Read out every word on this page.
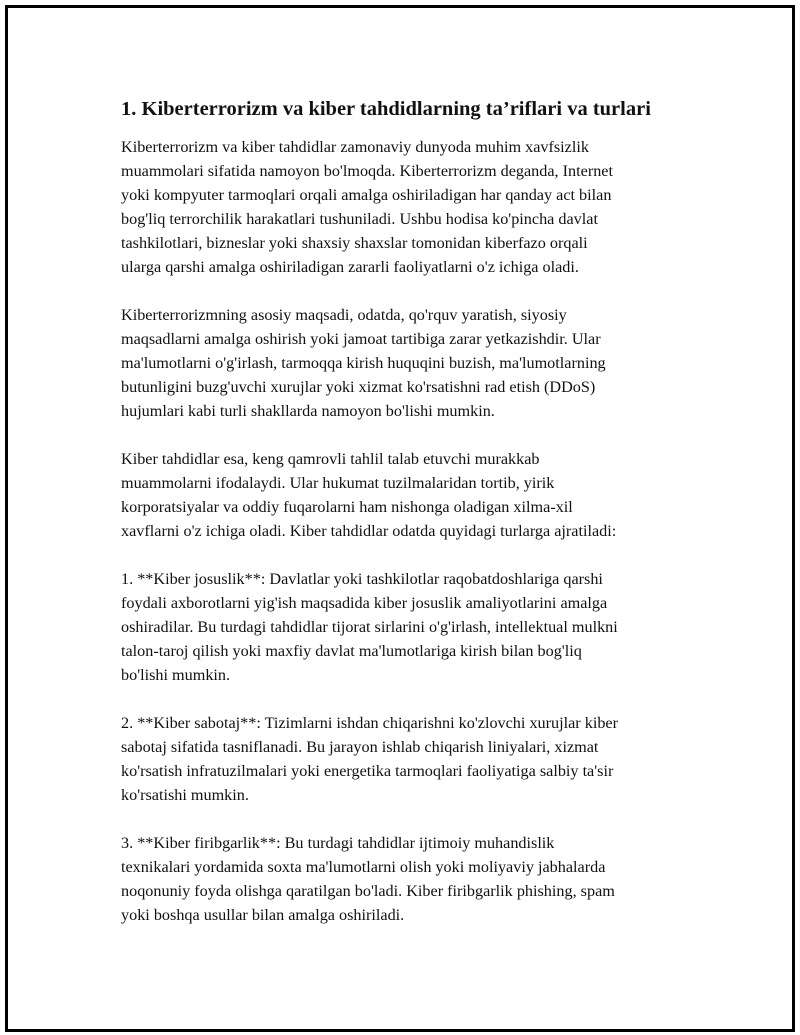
1. Kiberterrorizm va kiber tahdidlarning ta’riflari va turlari
Kiberterrorizm va kiber tahdidlar zamonaviy dunyoda muhim xavfsizlik
muammolari sifatida namoyon bo'lmoqda. Kiberterrorizm deganda, Internet
yoki kompyuter tarmoqlari orqali amalga oshiriladigan har qanday act bilan
bog'liq terrorchilik harakatlari tushuniladi. Ushbu hodisa ko'pincha davlat
tashkilotlari, bizneslar yoki shaxsiy shaxslar tomonidan kiberfazo orqali
ularga qarshi amalga oshiriladigan zararli faoliyatlarni o'z ichiga oladi.
Kiberterrorizmning asosiy maqsadi, odatda, qo'rquv yaratish, siyosiy
maqsadlarni amalga oshirish yoki jamoat tartibiga zarar yetkazishdir. Ular
ma'lumotlarni o'g'irlash, tarmoqqa kirish huquqini buzish, ma'lumotlarning
butunligini buzg'uvchi xurujlar yoki xizmat ko'rsatishni rad etish (DDoS)
hujumlari kabi turli shakllarda namoyon bo'lishi mumkin.
Kiber tahdidlar esa, keng qamrovli tahlil talab etuvchi murakkab
muammolarni ifodalaydi. Ular hukumat tuzilmalaridan tortib, yirik
korporatsiyalar va oddiy fuqarolarni ham nishonga oladigan xilma-xil
xavflarni o'z ichiga oladi. Kiber tahdidlar odatda quyidagi turlarga ajratiladi:
1. **Kiber josuslik**: Davlatlar yoki tashkilotlar raqobatdoshlariga qarshi
foydali axborotlarni yig'ish maqsadida kiber josuslik amaliyotlarini amalga
oshiradilar. Bu turdagi tahdidlar tijorat sirlarini o'g'irlash, intellektual mulkni
talon-taroj qilish yoki maxfiy davlat ma'lumotlariga kirish bilan bog'liq
bo'lishi mumkin.
2. **Kiber sabotaj**: Tizimlarni ishdan chiqarishni ko'zlovchi xurujlar kiber
sabotaj sifatida tasniflanadi. Bu jarayon ishlab chiqarish liniyalari, xizmat
ko'rsatish infratuzilmalari yoki energetika tarmoqlari faoliyatiga salbiy ta'sir
ko'rsatishi mumkin.
3. **Kiber firibgarlik**: Bu turdagi tahdidlar ijtimoiy muhandislik
texnikalari yordamida soxta ma'lumotlarni olish yoki moliyaviy jabhalarda
noqonuniy foyda olishga qaratilgan bo'ladi. Kiber firibgarlik phishing, spam
yoki boshqa usullar bilan amalga oshiriladi.
